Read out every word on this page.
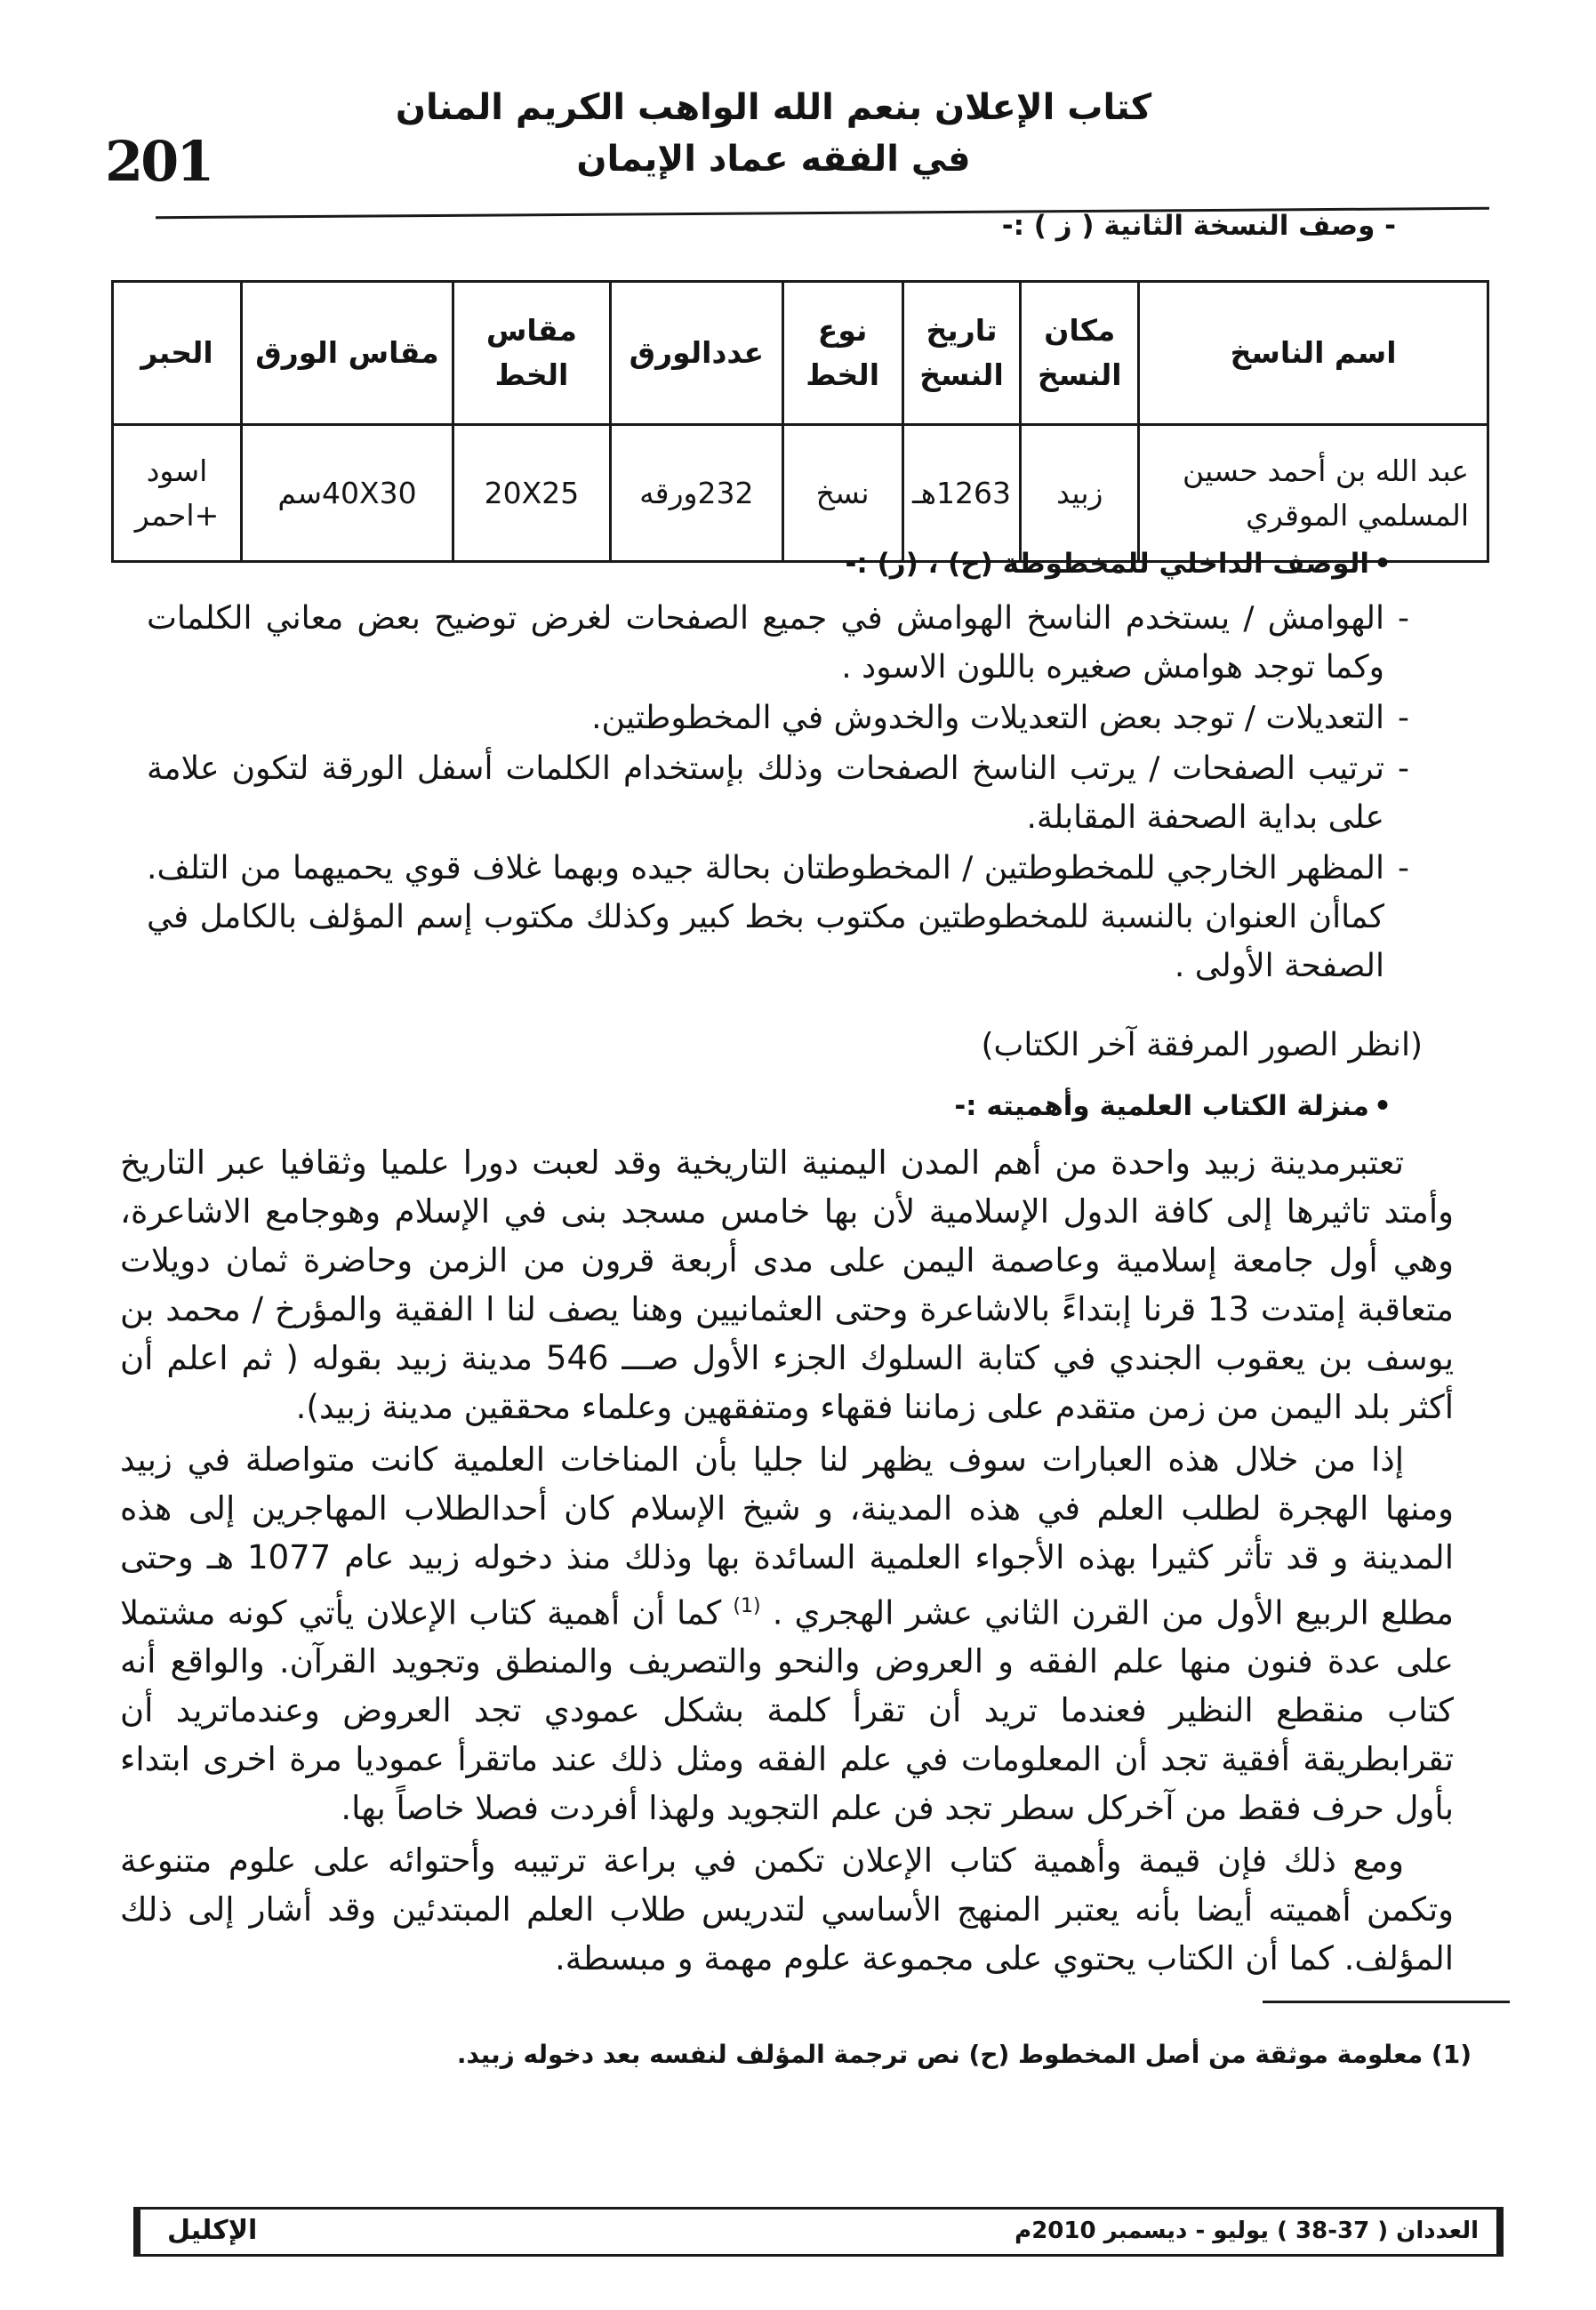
201

كتاب الإعلان بنعم الله الواهب الكريم المنان في الفقه عماد الإيمان

- وصف النسخة الثانية ( ز ) :-

اسم الناسخ	مكان النسخ	تاريخ النسخ	نوع الخط	عددالورق	مقاس الخط	مقاس الورق	الحبر
عبد الله بن أحمد حسين المسلمي الموقري	زبيد	1263هـ	نسخ	232ورقه	20X25	40X30سم	اسود +احمر

•الوصف الداخلي للمخطوطة (ح) ، (ز) :-

- الهوامش / يستخدم الناسخ الهوامش في جميع الصفحات لغرض توضيح بعض معاني الكلمات وكما توجد هوامش صغيره باللون الاسود .
- التعديلات / توجد بعض التعديلات والخدوش في المخطوطتين.
- ترتيب الصفحات / يرتب الناسخ الصفحات وذلك بإستخدام الكلمات أسفل الورقة لتكون علامة على بداية الصحفة المقابلة.
- المظهر الخارجي للمخطوطتين / المخطوطتان بحالة جيده وبهما غلاف قوي يحميهما من التلف. كماأن العنوان بالنسبة للمخطوطتين مكتوب بخط كبير وكذلك مكتوب إسم المؤلف بالكامل في الصفحة الأولى .

(انظر الصور المرفقة آخر الكتاب)

•منزلة الكتاب العلمية وأهميته :-

تعتبرمدينة زبيد واحدة من أهم المدن اليمنية التاريخية وقد لعبت دورا علميا وثقافيا عبر التاريخ وأمتد تاثيرها إلى كافة الدول الإسلامية لأن بها خامس مسجد بنى في الإسلام وهوجامع الاشاعرة، وهي أول جامعة إسلامية وعاصمة اليمن على مدى أربعة قرون من الزمن وحاضرة ثمان دويلات متعاقبة إمتدت 13 قرنا إبتداءً بالاشاعرة وحتى العثمانيين وهنا يصف لنا ا الفقية والمؤرخ / محمد بن يوسف بن يعقوب الجندي في كتابة السلوك الجزء الأول صـــ 546 مدينة زبيد بقوله ( ثم اعلم أن أكثر بلد اليمن من زمن متقدم على زماننا فقهاء ومتفقهين وعلماء محققين مدينة زبيد).

إذا من خلال هذه العبارات سوف يظهر لنا جليا بأن المناخات العلمية كانت متواصلة في زبيد ومنها الهجرة لطلب العلم في هذه المدينة، و شيخ الإسلام كان أحدالطلاب المهاجرين إلى هذه المدينة و قد تأثر كثيرا بهذه الأجواء العلمية السائدة بها وذلك منذ دخوله زبيد عام 1077 هـ وحتى مطلع الربيع الأول من القرن الثاني عشر الهجري . $^{(1)}$ كما أن أهمية كتاب الإعلان يأتي كونه مشتملا على عدة فنون منها علم الفقه و العروض والنحو والتصريف والمنطق وتجويد القرآن. والواقع أنه كتاب منقطع النظير فعندما تريد أن تقرأ كلمة بشكل عمودي تجد العروض وعندماتريد أن تقرابطريقة أفقية تجد أن المعلومات في علم الفقه ومثل ذلك عند ماتقرأ عموديا مرة اخرى ابتداء بأول حرف فقط من آخركل سطر تجد فن علم التجويد ولهذا أفردت فصلا خاصاً بها.

ومع ذلك فإن قيمة وأهمية كتاب الإعلان تكمن في براعة ترتيبه وأحتوائه على علوم متنوعة وتكمن أهميته أيضا بأنه يعتبر المنهج الأساسي لتدريس طلاب العلم المبتدئين وقد أشار إلى ذلك المؤلف. كما أن الكتاب يحتوي على مجموعة علوم مهمة و مبسطة.

(1) معلومة موثقة من أصل المخطوط (ح) نص ترجمة المؤلف لنفسه بعد دخوله زبيد.

العددان ( 37-38 ) يوليو - ديسمبر 2010م

الإكليل
